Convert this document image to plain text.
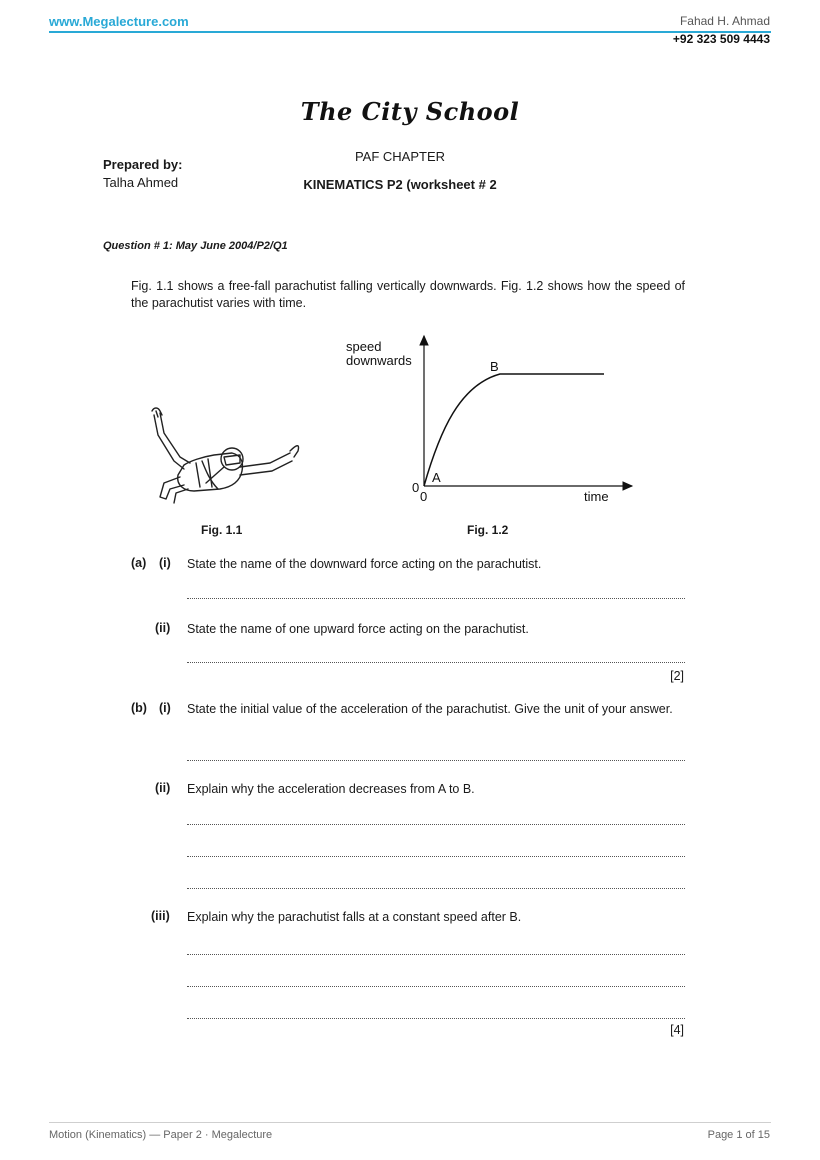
www.Megalecture.com	Fahad H. Ahmad
+92 323 509 4443
The City School
Prepared by:
Talha Ahmed
PAF CHAPTER
KINEMATICS P2 (worksheet # 2
Question # 1: May June 2004/P2/Q1
Fig. 1.1 shows a free-fall parachutist falling vertically downwards. Fig. 1.2 shows how the speed of the parachutist varies with time.
speed
downwards
time
0
0
A
B
Fig. 1.1	Fig. 1.2
(a) (i) State the name of the downward force acting on the parachutist.
(ii) State the name of one upward force acting on the parachutist.
[2]
(b) (i) State the initial value of the acceleration of the parachutist. Give the unit of your answer.
(ii) Explain why the acceleration decreases from A to B.
(iii) Explain why the parachutist falls at a constant speed after B.
[4]
Motion (Kinematics) — Paper 2 · Megalecture	Page 1 of 15
